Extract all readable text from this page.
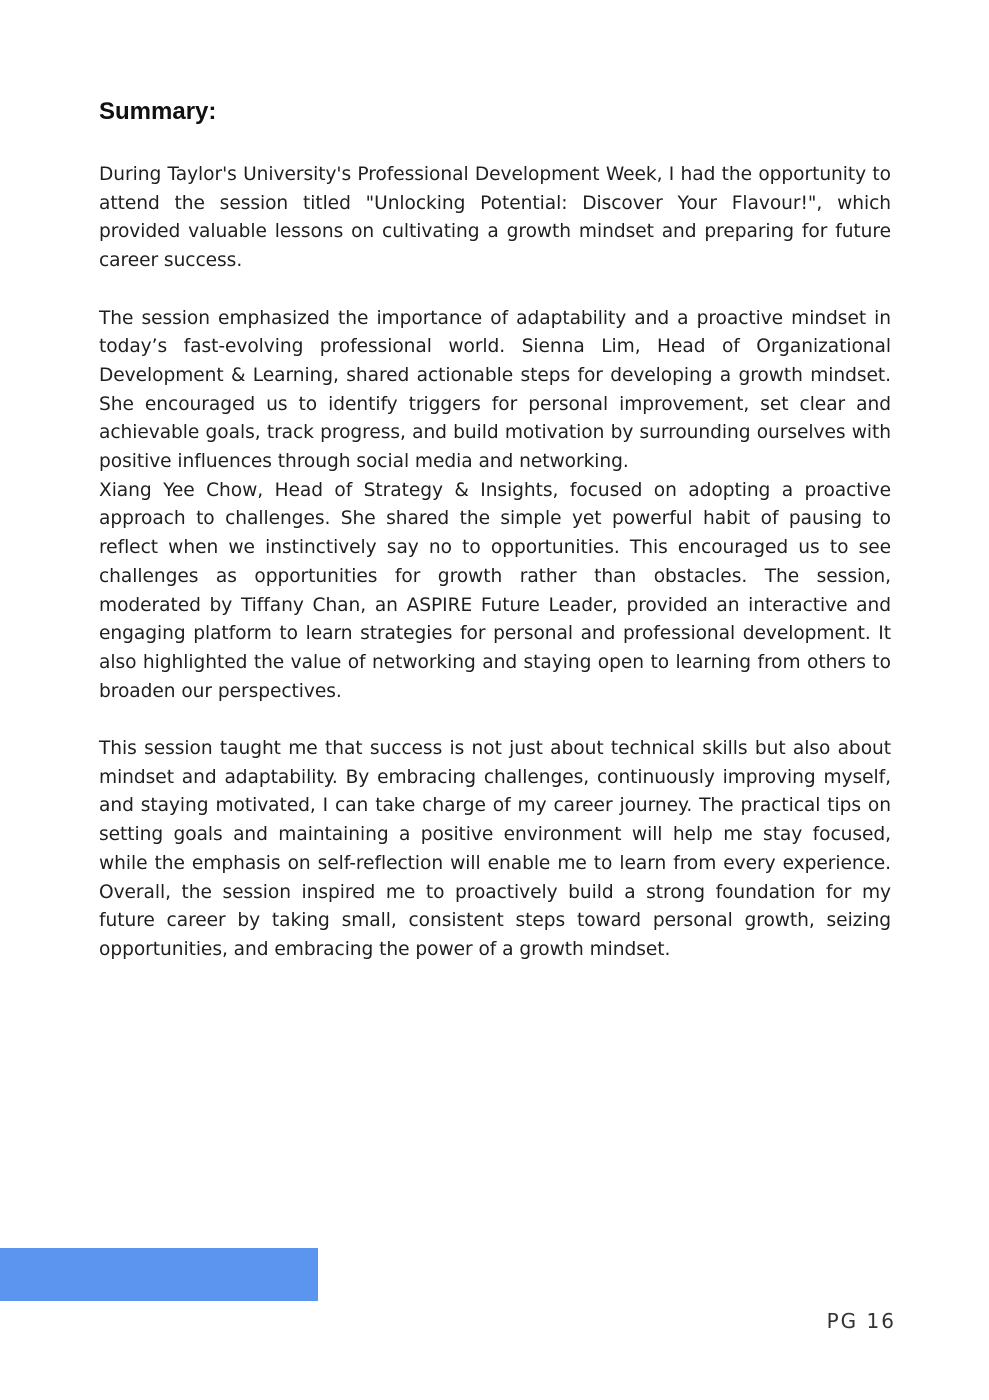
Summary:

During Taylor's University's Professional Development Week, I had the opportunity to attend the session titled "Unlocking Potential: Discover Your Flavour!", which provided valuable lessons on cultivating a growth mindset and preparing for future career success.

The session emphasized the importance of adaptability and a proactive mindset in today’s fast-evolving professional world. Sienna Lim, Head of Organizational Development & Learning, shared actionable steps for developing a growth mindset. She encouraged us to identify triggers for personal improvement, set clear and achievable goals, track progress, and build motivation by surrounding ourselves with positive influences through social media and networking.

Xiang Yee Chow, Head of Strategy & Insights, focused on adopting a proactive approach to challenges. She shared the simple yet powerful habit of pausing to reflect when we instinctively say no to opportunities. This encouraged us to see challenges as opportunities for growth rather than obstacles. The session, moderated by Tiffany Chan, an ASPIRE Future Leader, provided an interactive and engaging platform to learn strategies for personal and professional development. It also highlighted the value of networking and staying open to learning from others to broaden our perspectives.

This session taught me that success is not just about technical skills but also about mindset and adaptability. By embracing challenges, continuously improving myself, and staying motivated, I can take charge of my career journey. The practical tips on setting goals and maintaining a positive environment will help me stay focused, while the emphasis on self-reflection will enable me to learn from every experience. Overall, the session inspired me to proactively build a strong foundation for my future career by taking small, consistent steps toward personal growth, seizing opportunities, and embracing the power of a growth mindset.

PG 16
